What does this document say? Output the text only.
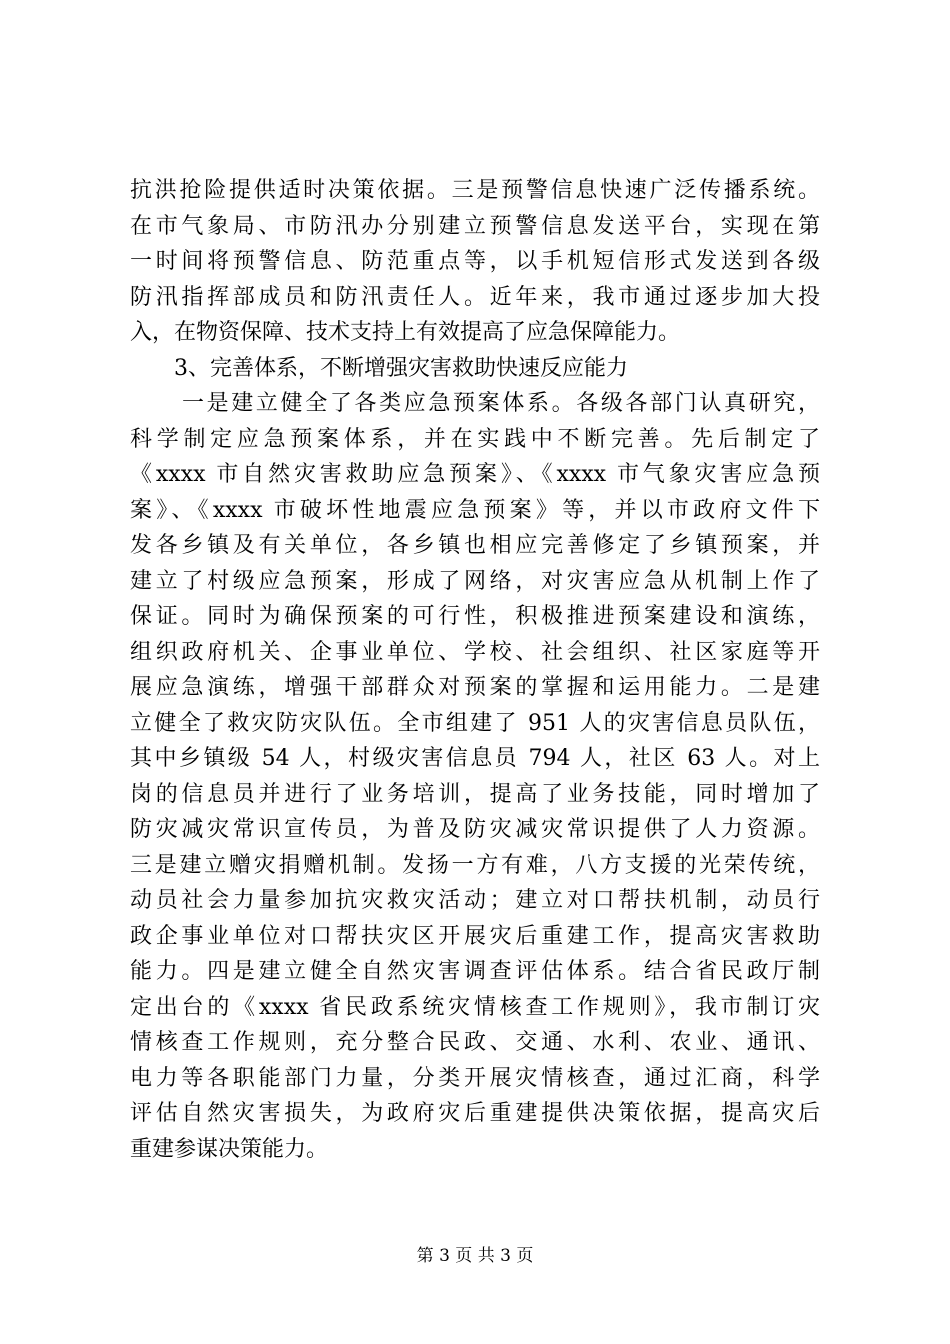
抗洪抢险提供适时决策依据。三是预警信息快速广泛传播系统。
在市气象局、市防汛办分别建立预警信息发送平台，实现在第
一时间将预警信息、防范重点等，以手机短信形式发送到各级
防汛指挥部成员和防汛责任人。近年来，我市通过逐步加大投
入，在物资保障、技术支持上有效提高了应急保障能力。
3、完善体系，不断增强灾害救助快速反应能力
一是建立健全了各类应急预案体系。各级各部门认真研究，
科学制定应急预案体系，并在实践中不断完善。先后制定了
《xxxx 市自然灾害救助应急预案》、《xxxx 市气象灾害应急预
案》、《xxxx 市破坏性地震应急预案》等，并以市政府文件下
发各乡镇及有关单位，各乡镇也相应完善修定了乡镇预案，并
建立了村级应急预案，形成了网络，对灾害应急从机制上作了
保证。同时为确保预案的可行性，积极推进预案建设和演练，
组织政府机关、企事业单位、学校、社会组织、社区家庭等开
展应急演练，增强干部群众对预案的掌握和运用能力。二是建
立健全了救灾防灾队伍。全市组建了 951 人的灾害信息员队伍，
其中乡镇级 54 人，村级灾害信息员 794 人，社区 63 人。对上
岗的信息员并进行了业务培训，提高了业务技能，同时增加了
防灾减灾常识宣传员，为普及防灾减灾常识提供了人力资源。
三是建立赠灾捐赠机制。发扬一方有难，八方支援的光荣传统，
动员社会力量参加抗灾救灾活动；建立对口帮扶机制，动员行
政企事业单位对口帮扶灾区开展灾后重建工作，提高灾害救助
能力。四是建立健全自然灾害调查评估体系。结合省民政厅制
定出台的《xxxx 省民政系统灾情核查工作规则》，我市制订灾
情核查工作规则，充分整合民政、交通、水利、农业、通讯、
电力等各职能部门力量，分类开展灾情核查，通过汇商，科学
评估自然灾害损失，为政府灾后重建提供决策依据，提高灾后
重建参谋决策能力。
第 3 页 共 3 页
